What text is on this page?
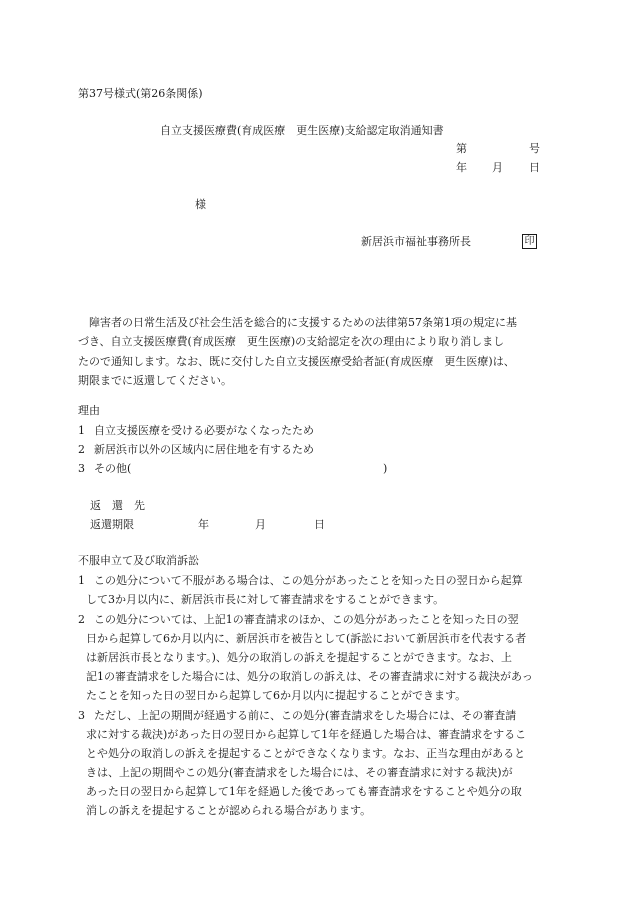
第37号様式(第26条関係)
自立支援医療費(育成医療　更生医療)支給認定取消通知書
第	号
年 月 日
様
新居浜市福祉事務所長	印
　障害者の日常生活及び社会生活を総合的に支援するための法律第57条第1項の規定に基
づき、自立支援医療費(育成医療　更生医療)の支給認定を次の理由により取り消しまし
たので通知します。なお、既に交付した自立支援医療受給者証(育成医療　更生医療)は、
期限までに返還してください。
理由
1 自立支援医療を受ける必要がなくなったため
2 新居浜市以外の区域内に居住地を有するため
3 その他(	)
返　還　先
返還期限	年	月	日
不服申立て及び取消訴訟
1 この処分について不服がある場合は、この処分があったことを知った日の翌日から起算
して3か月以内に、新居浜市長に対して審査請求をすることができます。
2 この処分については、上記1の審査請求のほか、この処分があったことを知った日の翌
日から起算して6か月以内に、新居浜市を被告として(訴訟において新居浜市を代表する者
は新居浜市長となります。)、処分の取消しの訴えを提起することができます。なお、上
記1の審査請求をした場合には、処分の取消しの訴えは、その審査請求に対する裁決があっ
たことを知った日の翌日から起算して6か月以内に提起することができます。
3 ただし、上記の期間が経過する前に、この処分(審査請求をした場合には、その審査請
求に対する裁決)があった日の翌日から起算して1年を経過した場合は、審査請求をするこ
とや処分の取消しの訴えを提起することができなくなります。なお、正当な理由があると
きは、上記の期間やこの処分(審査請求をした場合には、その審査請求に対する裁決)が
あった日の翌日から起算して1年を経過した後であっても審査請求をすることや処分の取
消しの訴えを提起することが認められる場合があります。
